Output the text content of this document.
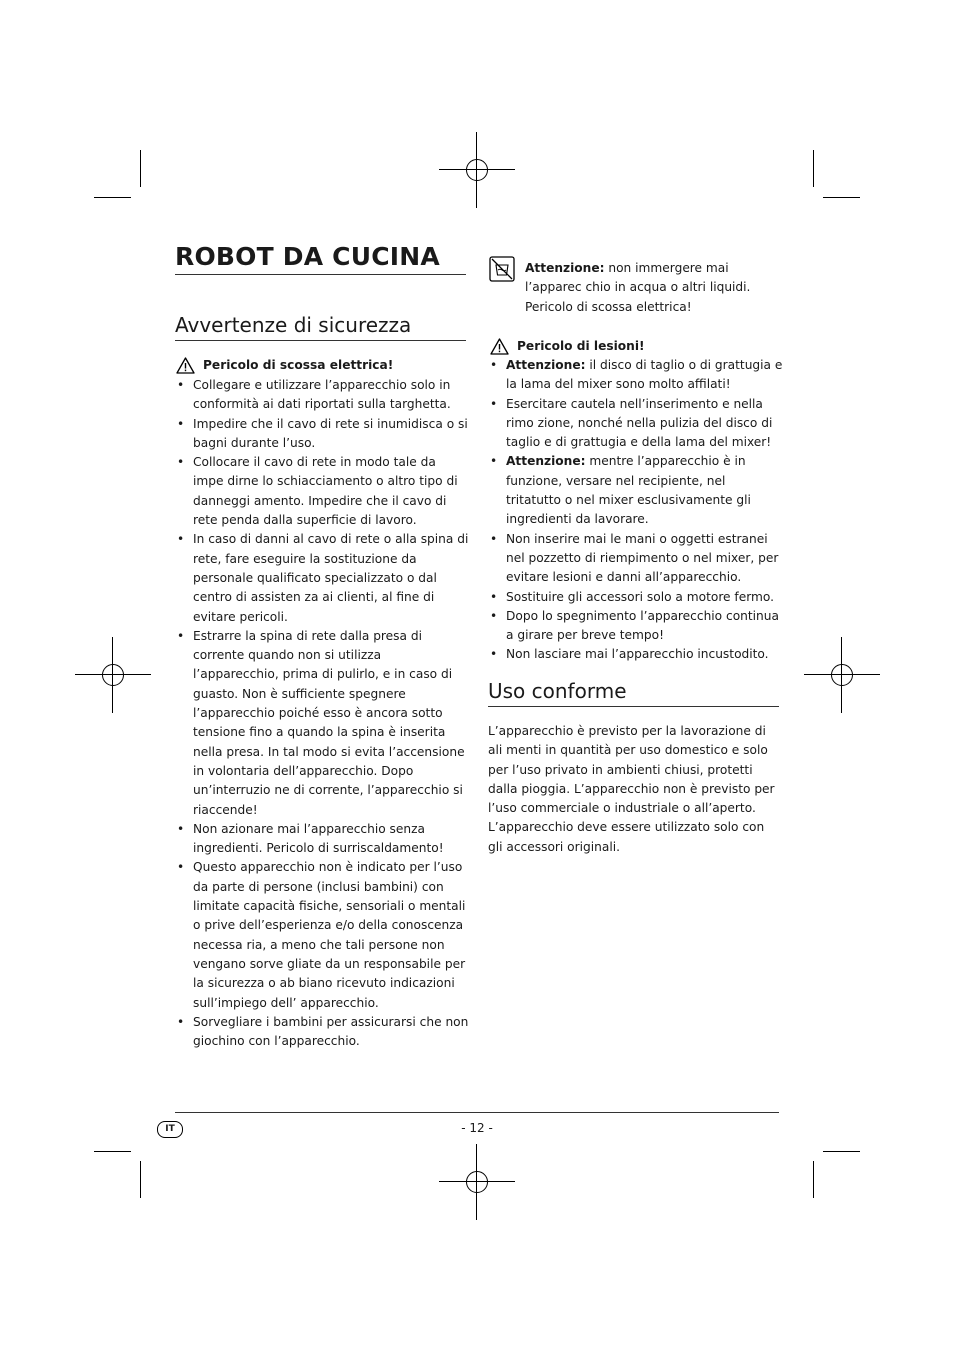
ROBOT DA CUCINA
Avvertenze di sicurezza
Pericolo di scossa elettrica!
• Collegare e utilizzare l’apparecchio solo in conformità ai dati riportati sulla targhetta.
• Impedire che il cavo di rete si inumidisca o si bagni durante l’uso.
• Collocare il cavo di rete in modo tale da impe dirne lo schiacciamento o altro tipo di danneggi amento. Impedire che il cavo di rete penda dalla superficie di lavoro.
• In caso di danni al cavo di rete o alla spina di rete, fare eseguire la sostituzione da personale qualificato specializzato o dal centro di assisten za ai clienti, al fine di evitare pericoli.
• Estrarre la spina di rete dalla presa di corrente quando non si utilizza l’apparecchio, prima di pulirlo, e in caso di guasto. Non è sufficiente spegnere l’apparecchio poiché esso è ancora sotto tensione fino a quando la spina è inserita nella presa. In tal modo si evita l’accensione in volontaria dell’apparecchio. Dopo un’interruzio ne di corrente, l’apparecchio si riaccende!
• Non azionare mai l’apparecchio senza ingredienti. Pericolo di surriscaldamento!
• Questo apparecchio non è indicato per l’uso da parte di persone (inclusi bambini) con limitate capacità fisiche, sensoriali o mentali o prive dell’esperienza e/o della conoscenza necessa ria, a meno che tali persone non vengano sorve gliate da un responsabile per la sicurezza o ab biano ricevuto indicazioni sull’impiego dell’ apparecchio.
• Sorvegliare i bambini per assicurarsi che non giochino con l’apparecchio.

Attenzione: non immergere mai l’apparec chio in acqua o altri liquidi. Pericolo di scossa elettrica!

Pericolo di lesioni!
• Attenzione: il disco di taglio o di grattugia e la lama del mixer sono molto affilati!
• Esercitare cautela nell’inserimento e nella rimo zione, nonché nella pulizia del disco di taglio e di grattugia e della lama del mixer!
• Attenzione: mentre l’apparecchio è in funzione, versare nel recipiente, nel tritatutto o nel mixer esclusivamente gli ingredienti da lavorare.
• Non inserire mai le mani o oggetti estranei nel pozzetto di riempimento o nel mixer, per evitare lesioni e danni all’apparecchio.
• Sostituire gli accessori solo a motore fermo.
• Dopo lo spegnimento l’apparecchio continua a girare per breve tempo!
• Non lasciare mai l’apparecchio incustodito.
Uso conforme

L’apparecchio è previsto per la lavorazione di ali menti in quantità per uso domestico e solo per l’uso privato in ambienti chiusi, protetti dalla pioggia. L’apparecchio non è previsto per l’uso commerciale o industriale o all’aperto. L’apparecchio deve essere utilizzato solo con gli accessori originali.

IT	- 12 -
